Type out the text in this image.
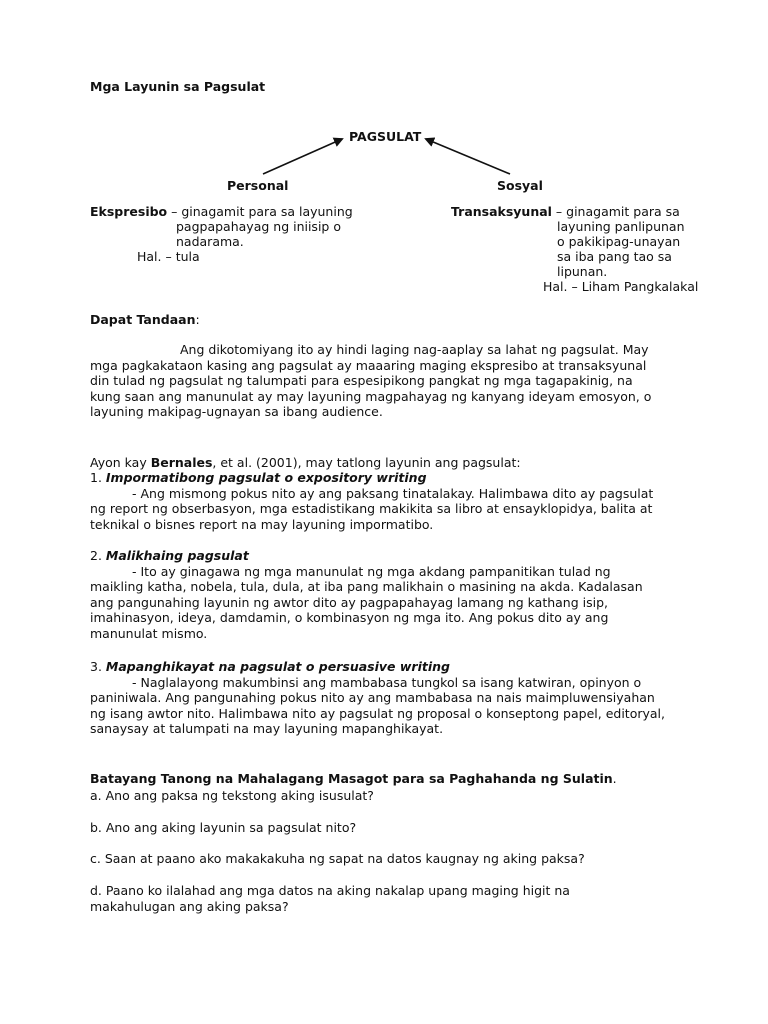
Mga Layunin sa Pagsulat
PAGSULAT
Personal	Sosyal
Ekspresibo – ginagamit para sa layuning
pagpapahayag ng iniisip o
nadarama.
Hal. – tula
Transaksyunal – ginagamit para sa
layuning panlipunan
o pakikipag-unayan
sa iba pang tao sa
lipunan.
Hal. – Liham Pangkalakal
Dapat Tandaan:
Ang dikotomiyang ito ay hindi laging nag-aaplay sa lahat ng pagsulat. May
mga pagkakataon kasing ang pagsulat ay maaaring maging ekspresibo at transaksyunal
din tulad ng pagsulat ng talumpati para espesipikong pangkat ng mga tagapakinig, na
kung saan ang manunulat ay may layuning magpahayag ng kanyang ideyam emosyon, o
layuning makipag-ugnayan sa ibang audience.
Ayon kay Bernales, et al. (2001), may tatlong layunin ang pagsulat:
1. Impormatibong pagsulat o expository writing
- Ang mismong pokus nito ay ang paksang tinatalakay. Halimbawa dito ay pagsulat
ng report ng obserbasyon, mga estadistikang makikita sa libro at ensayklopidya, balita at
teknikal o bisnes report na may layuning impormatibo.
2. Malikhaing pagsulat
- Ito ay ginagawa ng mga manunulat ng mga akdang pampanitikan tulad ng
maikling katha, nobela, tula, dula, at iba pang malikhain o masining na akda. Kadalasan
ang pangunahing layunin ng awtor dito ay pagpapahayag lamang ng kathang isip,
imahinasyon, ideya, damdamin, o kombinasyon ng mga ito. Ang pokus dito ay ang
manunulat mismo.
3. Mapanghikayat na pagsulat o persuasive writing
- Naglalayong makumbinsi ang mambabasa tungkol sa isang katwiran, opinyon o
paniniwala. Ang pangunahing pokus nito ay ang mambabasa na nais maimpluwensiyahan
ng isang awtor nito. Halimbawa nito ay pagsulat ng proposal o konseptong papel, editoryal,
sanaysay at talumpati na may layuning mapanghikayat.
Batayang Tanong na Mahalagang Masagot para sa Paghahanda ng Sulatin.
a. Ano ang paksa ng tekstong aking isusulat?
b. Ano ang aking layunin sa pagsulat nito?
c. Saan at paano ako makakakuha ng sapat na datos kaugnay ng aking paksa?
d. Paano ko ilalahad ang mga datos na aking nakalap upang maging higit na
makahulugan ang aking paksa?
